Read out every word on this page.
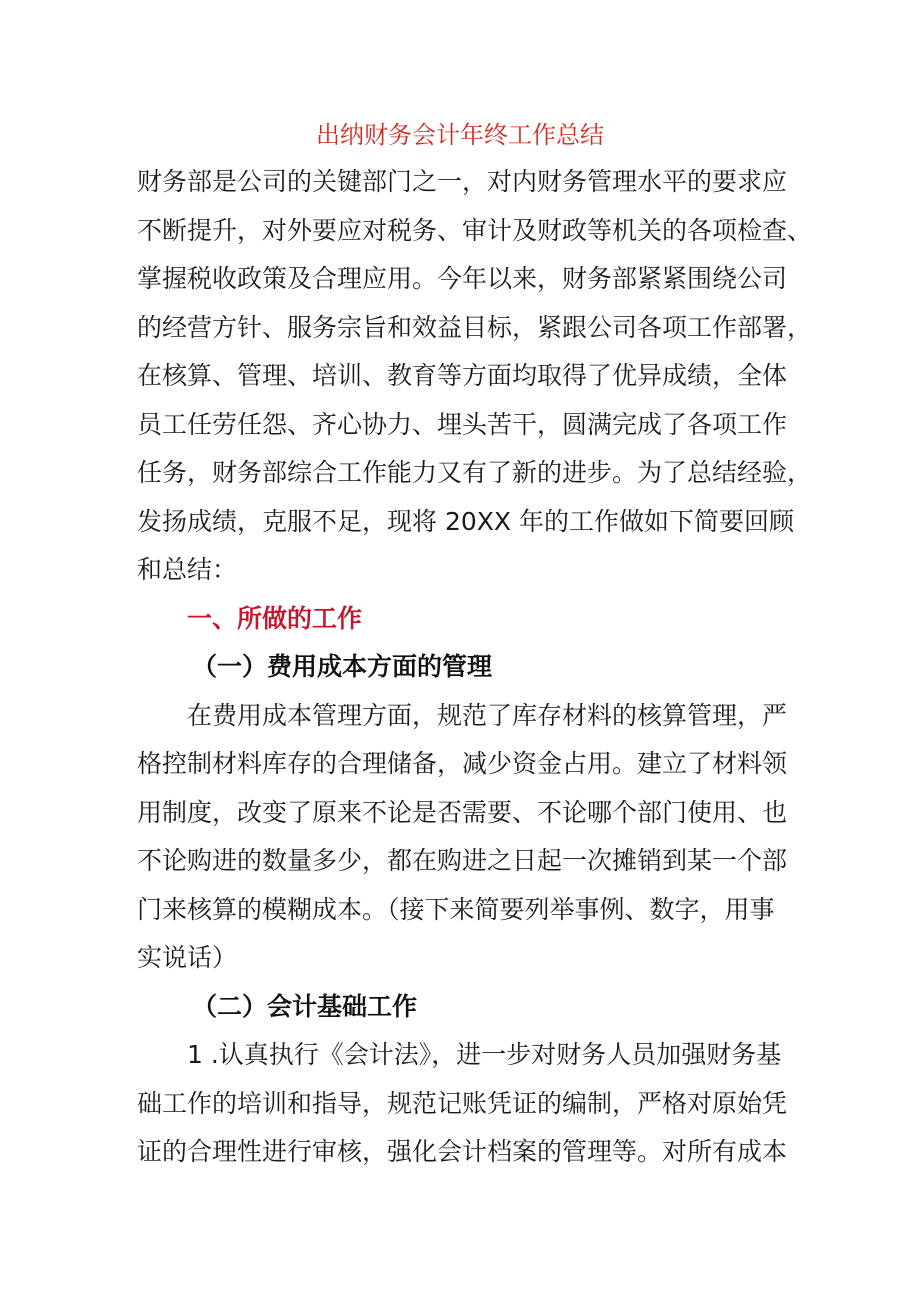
出纳财务会计年终工作总结
财务部是公司的关键部门之一，对内财务管理水平的要求应
不断提升，对外要应对税务、审计及财政等机关的各项检查、
掌握税收政策及合理应用。今年以来，财务部紧紧围绕公司
的经营方针、服务宗旨和效益目标，紧跟公司各项工作部署，
在核算、管理、培训、教育等方面均取得了优异成绩，全体
员工任劳任怨、齐心协力、埋头苦干，圆满完成了各项工作
任务，财务部综合工作能力又有了新的进步。为了总结经验，
发扬成绩，克服不足，现将 20XX 年的工作做如下简要回顾
和总结：
一、所做的工作
（一）费用成本方面的管理
在费用成本管理方面，规范了库存材料的核算管理，严
格控制材料库存的合理储备，减少资金占用。建立了材料领
用制度，改变了原来不论是否需要、不论哪个部门使用、也
不论购进的数量多少，都在购进之日起一次摊销到某一个部
门来核算的模糊成本。（接下来简要列举事例、数字，用事
实说话）
（二）会计基础工作
1 .认真执行《会计法》，进一步对财务人员加强财务基
础工作的培训和指导，规范记账凭证的编制，严格对原始凭
证的合理性进行审核，强化会计档案的管理等。对所有成本
